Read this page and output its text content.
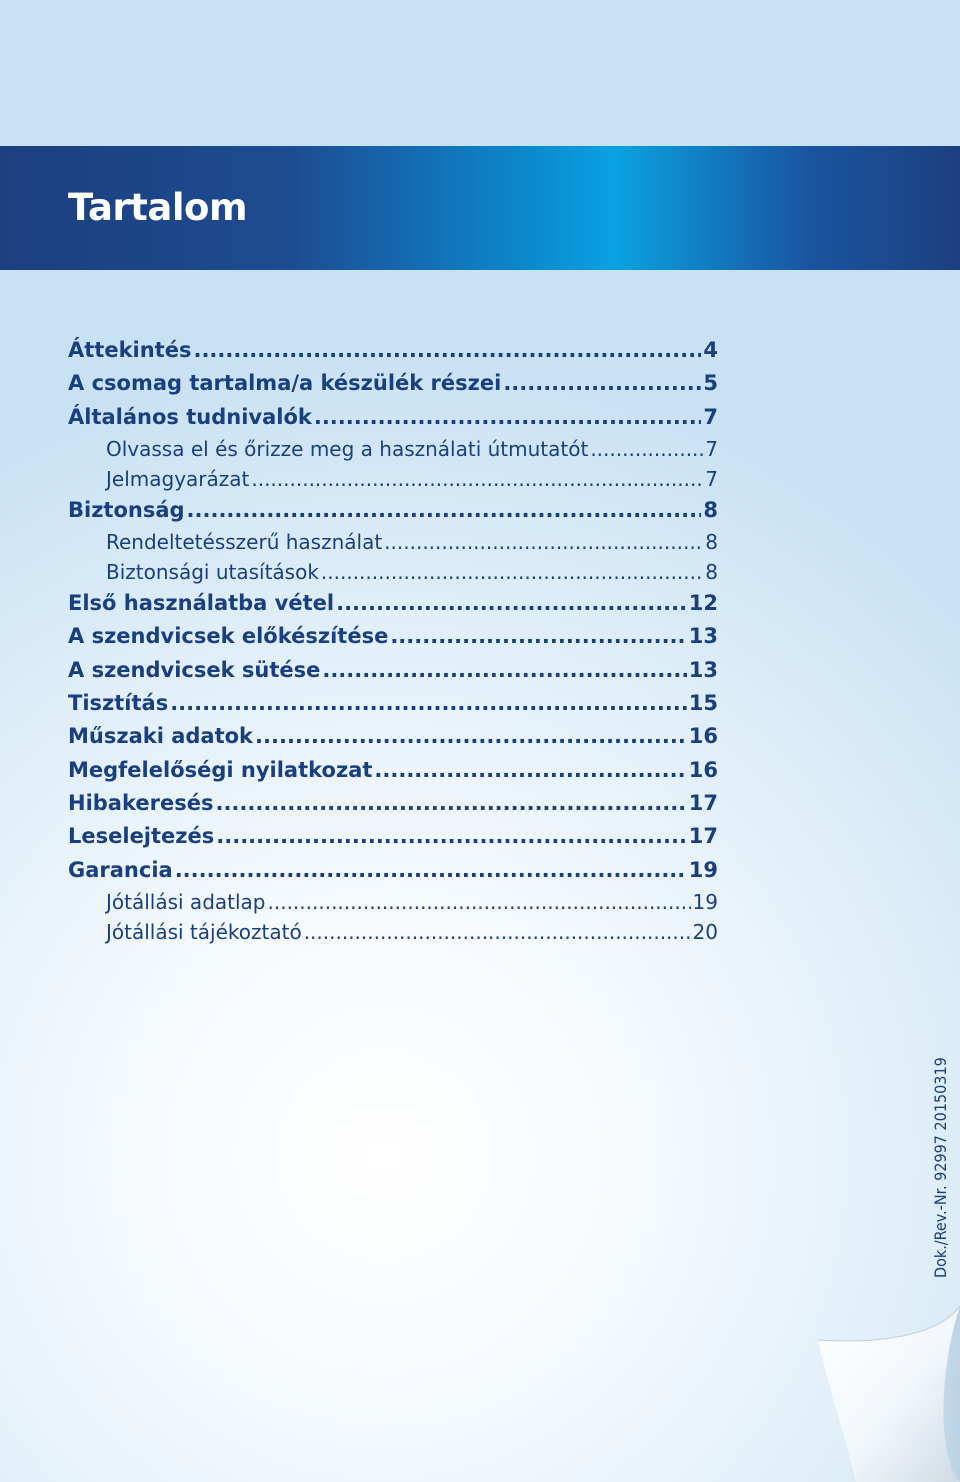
Tartalom
Áttekintés .....	4
A csomag tartalma/a készülék részei .....	5
Általános tudnivalók .....	7
Olvassa el és őrizze meg a használati útmutatót .....	7
Jelmagyarázat .....	7
Biztonság .....	8
Rendeltetésszerű használat .....	8
Biztonsági utasítások .....	8
Első használatba vétel .....	12
A szendvicsek előkészítése .....	13
A szendvicsek sütése .....	13
Tisztítás .....	15
Műszaki adatok .....	16
Megfelelőségi nyilatkozat .....	16
Hibakeresés .....	17
Leselejtezés .....	17
Garancia .....	19
Jótállási adatlap .....	19
Jótállási tájékoztató .....	20
Dok./Rev.-Nr. 92997 20150319
